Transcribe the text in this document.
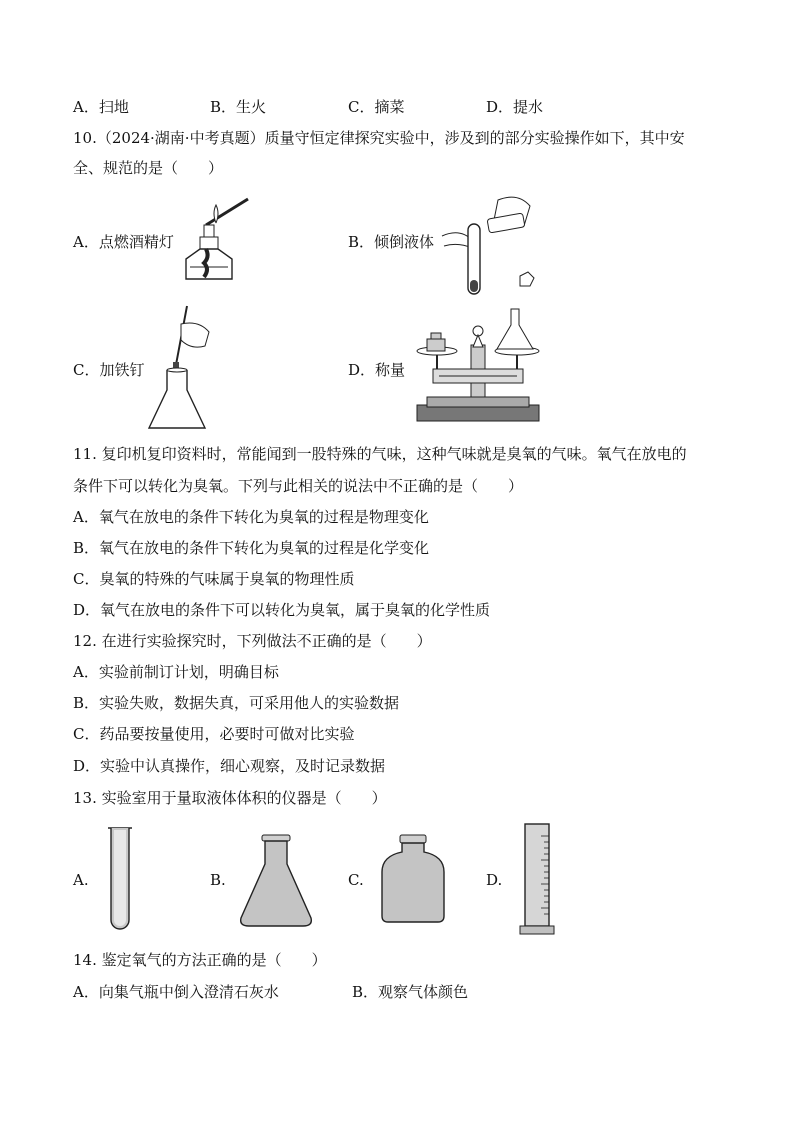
A．扫地	B．生火	C．摘菜	D．提水
10.（2024·湖南·中考真题）质量守恒定律探究实验中，涉及到的部分实验操作如下，其中安
全、规范的是（　　）
A．点燃酒精灯	B．倾倒液体
C．加铁钉	D．称量
11. 复印机复印资料时，常能闻到一股特殊的气味，这种气味就是臭氧的气味。氧气在放电的
条件下可以转化为臭氧。下列与此相关的说法中不正确的是（　　）
A．氧气在放电的条件下转化为臭氧的过程是物理变化
B．氧气在放电的条件下转化为臭氧的过程是化学变化
C．臭氧的特殊的气味属于臭氧的物理性质
D．氧气在放电的条件下可以转化为臭氧，属于臭氧的化学性质
12. 在进行实验探究时，下列做法不正确的是（　　）
A．实验前制订计划，明确目标
B．实验失败，数据失真，可采用他人的实验数据
C．药品要按量使用，必要时可做对比实验
D．实验中认真操作，细心观察，及时记录数据
13. 实验室用于量取液体体积的仪器是（　　）
A.	B.	C.	D.
14. 鉴定氧气的方法正确的是（　　）
A．向集气瓶中倒入澄清石灰水	B．观察气体颜色
